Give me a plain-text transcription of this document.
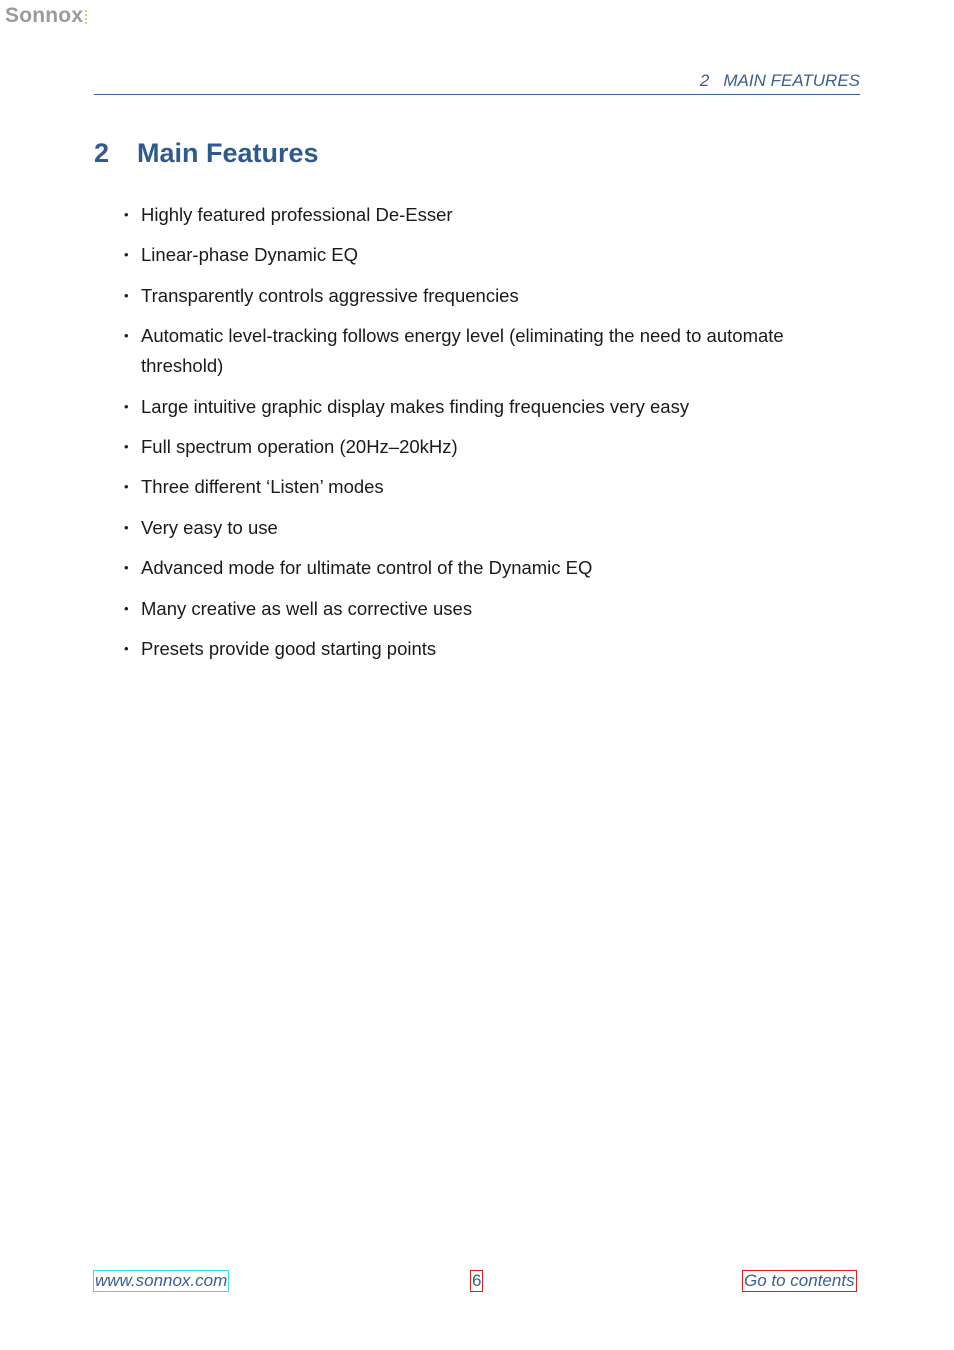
Sonnox
2 MAIN FEATURES
2 Main Features
• Highly featured professional De-Esser
• Linear-phase Dynamic EQ
• Transparently controls aggressive frequencies
• Automatic level-tracking follows energy level (eliminating the need to automate threshold)
• Large intuitive graphic display makes finding frequencies very easy
• Full spectrum operation (20Hz–20kHz)
• Three different ‘Listen’ modes
• Very easy to use
• Advanced mode for ultimate control of the Dynamic EQ
• Many creative as well as corrective uses
• Presets provide good starting points
www.sonnox.com	6	Go to contents
